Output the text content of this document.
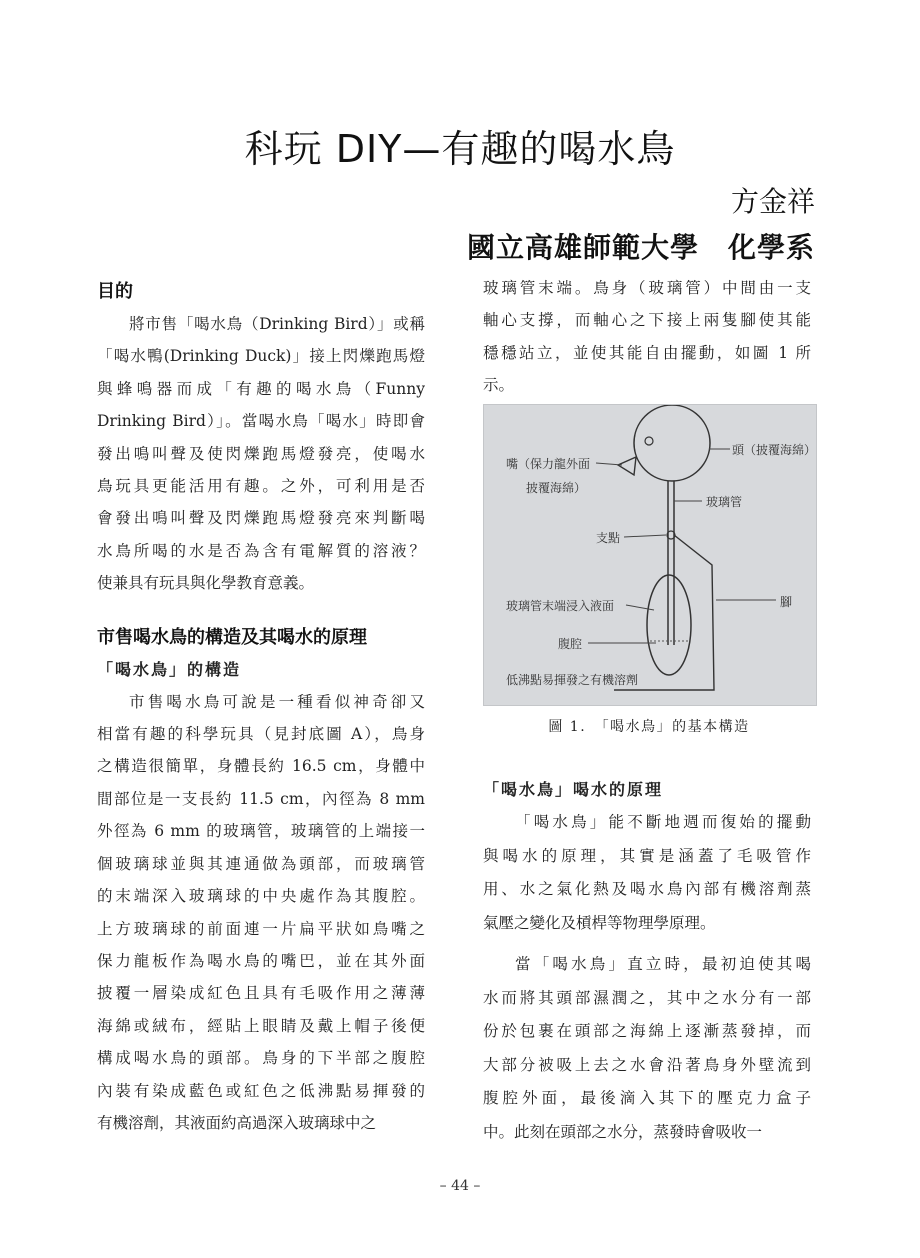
科玩 DIY—有趣的喝水鳥
方金祥
國立高雄師範大學　化學系
目的
將市售「喝水鳥（Drinking Bird）」或稱
「喝水鴨(Drinking Duck)」接上閃爍跑馬燈
與蜂鳴器而成「有趣的喝水鳥（Funny
Drinking Bird）」。當喝水鳥「喝水」時即會
發出鳴叫聲及使閃爍跑馬燈發亮，使喝水
鳥玩具更能活用有趣。之外，可利用是否
會發出鳴叫聲及閃爍跑馬燈發亮來判斷喝
水鳥所喝的水是否為含有電解質的溶液？
使兼具有玩具與化學教育意義。
市售喝水鳥的構造及其喝水的原理
「喝水鳥」的構造
市售喝水鳥可說是一種看似神奇卻又
相當有趣的科學玩具（見封底圖 A），鳥身
之構造很簡單，身體長約 16.5 cm，身體中
間部位是一支長約 11.5 cm，內徑為 8 mm
外徑為 6 mm 的玻璃管，玻璃管的上端接一
個玻璃球並與其連通做為頭部，而玻璃管
的末端深入玻璃球的中央處作為其腹腔。
上方玻璃球的前面連一片扁平狀如鳥嘴之
保力龍板作為喝水鳥的嘴巴，並在其外面
披覆一層染成紅色且具有毛吸作用之薄薄
海綿或絨布，經貼上眼睛及戴上帽子後便
構成喝水鳥的頭部。鳥身的下半部之腹腔
內裝有染成藍色或紅色之低沸點易揮發的
有機溶劑，其液面約高過深入玻璃球中之
玻璃管末端。鳥身（玻璃管）中間由一支
軸心支撐，而軸心之下接上兩隻腳使其能
穩穩站立，並使其能自由擺動，如圖 1 所
示。
嘴（保力龍外面
披覆海綿）
頭（披覆海綿）
玻璃管
支點
腳
玻璃管末端浸入液面
腹腔
低沸點易揮發之有機溶劑
圖 1.　「喝水鳥」的基本構造
「喝水鳥」喝水的原理
「喝水鳥」能不斷地週而復始的擺動
與喝水的原理，其實是涵蓋了毛吸管作
用、水之氣化熱及喝水鳥內部有機溶劑蒸
氣壓之變化及槓桿等物理學原理。
當「喝水鳥」直立時，最初迫使其喝
水而將其頭部濕潤之，其中之水分有一部
份於包裹在頭部之海綿上逐漸蒸發掉，而
大部分被吸上去之水會沿著鳥身外壁流到
腹腔外面，最後滴入其下的壓克力盒子
中。此刻在頭部之水分，蒸發時會吸收一
– 44 –
